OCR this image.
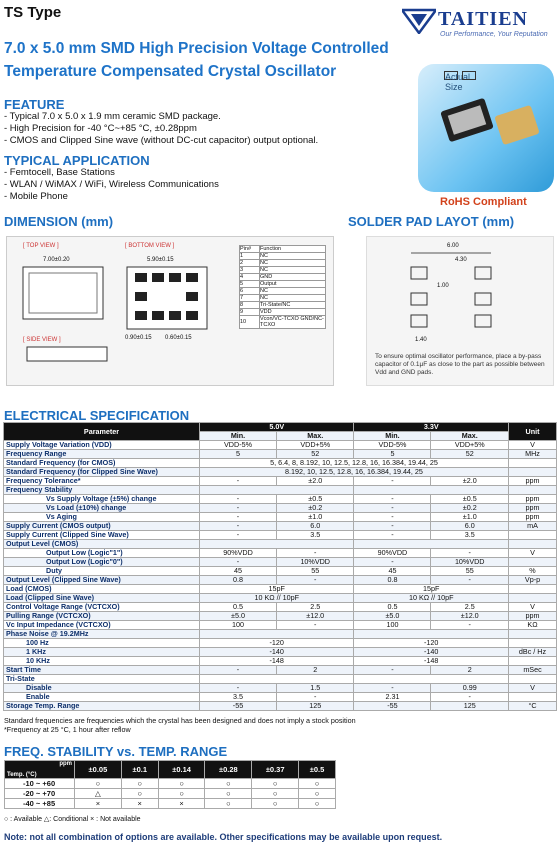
TS Type	TAITIEN
Our Performance, Your Reputation
7.0 x 5.0 mm SMD High Precision Voltage Controlled
Temperature Compensated Crystal Oscillator	Actual Size
RoHS Compliant
FEATURE
- Typical 7.0 x 5.0 x 1.9 mm ceramic SMD package.
- High Precision for -40 °C~+85 °C, ±0.28ppm
- CMOS and Clipped Sine wave (without DC-cut capacitor) output optional.
TYPICAL APPLICATION
- Femtocell, Base Stations
- WLAN / WiMAX / WiFi, Wireless Communications
- Mobile Phone
DIMENSION (mm)	SOLDER PAD LAYOT (mm)
[ TOP VIEW ]	[ BOTTOM VIEW ]
[ SIDE VIEW ]
7.00±0.20	5.90±0.15
0.90±0.15 0.60±0.15
Pin#	Function
1	NC
2	NC
3	NC
4	GND
5	Output
6	NC
7	NC
8	Tri-State/NC
9	VDD
10	Vcon/VC-TCXO GND/NC-TCXO
6.00
4.30
1.00
1.40
To ensure optimal oscillator performance, place a by-pass capacitor of 0.1μF as close to the part as possible between Vdd and GND pads.
ELECTRICAL SPECIFICATION
Parameter	5.0V		3.3V		Unit
	Min.	Max.	Min.	Max.	
Supply Voltage Variation (VDD)	VDD-5%	VDD+5%	VDD-5%	VDD+5%	V
Frequency Range	5	52	5	52	MHz
Standard Frequency (for CMOS)	5, 6.4, 8, 8.192, 10, 12.5, 12.8, 16, 16.384, 19.44, 25				
Standard Frequency (for Clipped Sine Wave)	8.192, 10, 12.5, 12.8, 16, 16.384, 19.44, 25				
Frequency Tolerance*	-	±2.0	-	±2.0	ppm
Frequency Stability					
Vs Supply Voltage (±5%) change	-	±0.5	-	±0.5	ppm
Vs Load (±10%) change	-	±0.2	-	±0.2	ppm
Vs Aging	-	±1.0	-	±1.0	ppm
Supply Current (CMOS output)	-	6.0	-	6.0	mA
Supply Current (Clipped Sine Wave)	-	3.5	-	3.5	
Output Level (CMOS)					
Output Low (Logic"1")	90%VDD	-	90%VDD	-	V
Output Low (Logic"0")	-	10%VDD	-	10%VDD	
Duty	45	55	45	55	%
Output Level (Clipped Sine Wave)	0.8	-	0.8	-	Vp-p
Load (CMOS)	15pF		15pF		
Load (Clipped Sine Wave)	10 KΩ // 10pF		10 KΩ // 10pF		
Control Voltage Range (VCTCXO)	0.5	2.5	0.5	2.5	V
Pulling Range (VCTCXO)	±5.0	±12.0	±5.0	±12.0	ppm
Vc Input Impedance (VCTCXO)	100	-	100	-	KΩ
Phase Noise @ 19.2MHz					
100 Hz	-120		-120		
1 KHz	-140		-140		dBc / Hz
10 KHz	-148		-148		
Start Time	-	2	-	2	mSec
Tri-State					
Disable	-	1.5	-	0.99	V
Enable	3.5	-	2.31	-	
Storage Temp. Range	-55	125	-55	125	°C
Standard frequencies are frequencies which the crystal has been designed and does not imply a stock position
*Frequency at 25 °C, 1 hour after reflow
FREQ. STABILITY vs. TEMP. RANGE
ppm
Temp. (°C)	±0.05	±0.1	±0.14	±0.28	±0.37	±0.5
-10 ~ +60	○	○	○	○	○	○
-20 ~ +70	△	○	○	○	○	○
-40 ~ +85	×	×	×	○	○	○
○ : Available △: Conditional × : Not available
Note: not all combination of options are available. Other specifications may be available upon request.
